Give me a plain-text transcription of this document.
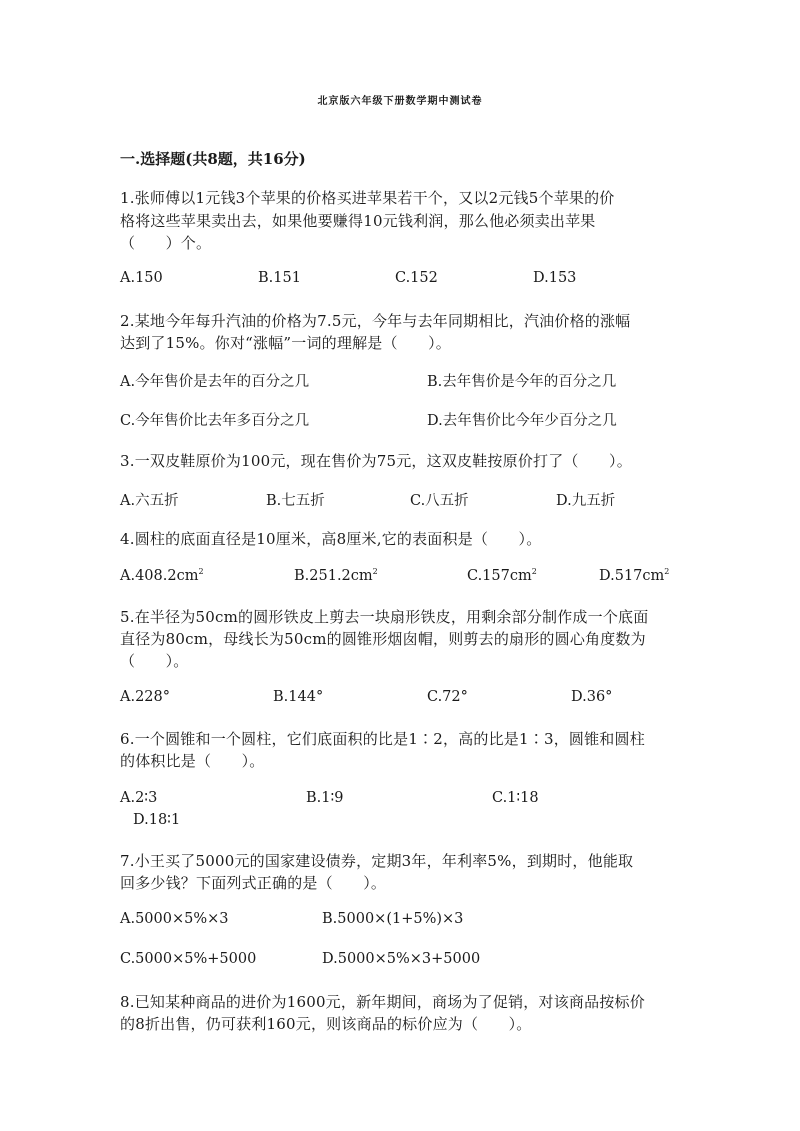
北京版六年级下册数学期中测试卷
一.选择题(共8题，共16分)
1.张师傅以1元钱3个苹果的价格买进苹果若干个，又以2元钱5个苹果的价
格将这些苹果卖出去，如果他要赚得10元钱利润，那么他必须卖出苹果
（　　）个。
A.150	B.151	C.152	D.153
2.某地今年每升汽油的价格为7.5元，今年与去年同期相比，汽油价格的涨幅
达到了15%。你对“涨幅”一词的理解是（　　）。
A.今年售价是去年的百分之几	B.去年售价是今年的百分之几
C.今年售价比去年多百分之几	D.去年售价比今年少百分之几
3.一双皮鞋原价为100元，现在售价为75元，这双皮鞋按原价打了（　　）。
A.六五折	B.七五折	C.八五折	D.九五折
4.圆柱的底面直径是10厘米，高8厘米,它的表面积是（　　）。
$A.408.2cm^2$	$B.251.2cm^2$	$C.157cm^2$	$D.517cm^2$
5.在半径为50cm的圆形铁皮上剪去一块扇形铁皮，用剩余部分制作成一个底面
直径为80cm，母线长为50cm的圆锥形烟囱帽，则剪去的扇形的圆心角度数为
（　　）。
A.228°	B.144°	C.72°	D.36°
6.一个圆锥和一个圆柱，它们底面积的比是1∶2，高的比是1∶3，圆锥和圆柱
的体积比是（　　）。
A.2∶3	B.1∶9	C.1∶18
D.18∶1
7.小王买了5000元的国家建设债券，定期3年，年利率5%，到期时，他能取
回多少钱？下面列式正确的是（　　）。
A.5000×5%×3	B.5000×(1+5%)×3
C.5000×5%+5000	D.5000×5%×3+5000
8.已知某种商品的进价为1600元，新年期间，商场为了促销，对该商品按标价
的8折出售，仍可获利160元，则该商品的标价应为（　　）。
